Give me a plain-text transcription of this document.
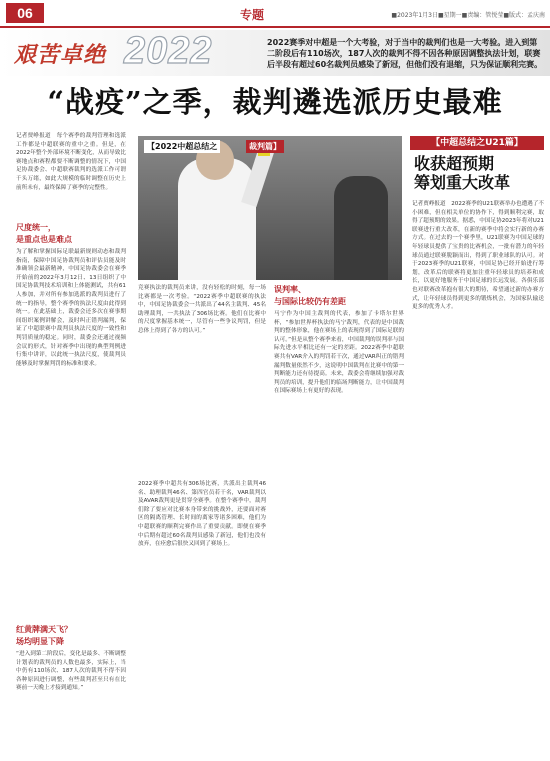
06	专题	■2023年1月3日■星期一■责编：管悦莹■版式：孟庆南
艰苦卓绝 2022	2022赛季对中超是一个大考验，对于当中的裁判们也是一大考验。进入到第二阶段后有110场次，187人次的裁判不得不因各种原因调整执法计划，联赛后半段有超过60名裁判员感染了新冠，但他们没有退缩，只为保证顺利完赛。
“战疫”之季，裁判遴选派历史最难
记者贾峥报道　每个赛季的裁判管理和选派工作都是中超联赛的重中之重。但是，在2022年整个外部环境不断变化，从而导致比赛地点和赛程都要不断调整的情况下，中国足协裁委会、中超联赛裁判的选派工作可谓千头万绪，如此大规模的临时调整在历史上前所未有，最终保障了赛季的完整性。
尺度统一，
是重点也是难点
为了解和掌握国际足联最新规则动态和裁判指南，保障中国足协裁判员和评估员能及时准确领会最新精神，中国足协裁委会在赛季开始前的2022年3月12日、13日组织了中国足协裁判技术培训和上体能测试，共有61人参加，并对所有参加选派的裁判员进行了统一的指导，整个赛季的执法尺度由此得到统一。在此基础上，裁委会还多次在赛事期间组织案例讲解会，及时纠正错判漏判，保证了中超联赛中裁判员执法尺度的一致性和判罚质量的稳定。同时，裁委会还通过视频会议的形式，针对赛季中出现的典型判例进行集中讲评，以此统一执法尺度，使裁判员能够及时掌握判罚的标准和要求。
红黄牌满天飞？
场均明显下降
“进入到第二阶段后，变化是最多、不断调整计划表的裁判员的人数也最多，实际上，当中仍有110场次、187人次的裁判不得不因各种原因进行调整，有些裁判甚至只有在比赛前一天晚上才接到通知。”
【2022中超总结之	裁判篇】
竞赛执法的裁判员来讲，没有轻松的时刻，每一场比赛都是一次考验。“2022赛季中超联赛的执法中，中国足协裁委会一共派出了44名主裁判、45名助理裁判，一共执法了306场比赛。他们在比赛中的尺度掌握基本统一，尽管有一些争议判罚，但是总体上得到了各方的认可。”
2022赛季中超共有306场比赛，共派出主裁判46名、助理裁判46名、第四官员若干名，VAR裁判以及AVAR裁判更是贯穿全赛季。在整个赛季中，裁判们除了要应对比赛本身带来的挑战外，还要面对赛区的隔离管理、长时间的离家等诸多困难，他们为中超联赛的顺利完赛作出了重要贡献。即便在赛季中后期有超过60名裁判员感染了新冠，他们也没有放弃，在痊愈后很快又回到了赛场上。
误判率、
与国际比较仍有差距
马宁作为中国主裁判的代表，参加了卡塔尔世界杯，“参加世界杯执法的马宁裁判，代表的是中国裁判的整体形象，他在赛场上的表现得到了国际足联的认可。”但是从整个赛季来看，中国裁判的误判率与国际先进水平相比还有一定的差距。2022赛季中超联赛共有VAR介入的判罚若干次，通过VAR纠正的错判漏判数量依然不少，这说明中国裁判在比赛中的第一判断能力还有待提高。未来，裁委会将继续加强对裁判员的培训，提升他们的临场判断能力，让中国裁判在国际赛场上有更好的表现。
【中超总结之U21篇】
收获超预期
筹划重大改革
记者贾峥报道　2022赛季的U21联赛举办也遭遇了不小困难，但在相关单位的协作下，得到顺利完赛，取得了超预期的效果。据悉，中国足协2023年将对U21联赛进行重大改革，在新的赛季中将会实行新的办赛方式。在过去的一个赛季里，U21联赛为中国足球的年轻球员提供了宝贵的比赛机会，一批有潜力的年轻球员通过联赛脱颖而出，得到了职业球队的认可。对于2023赛季的U21联赛，中国足协已经开始进行筹划，改革后的联赛将更加注重年轻球员的培养和成长，以更好地服务于中国足球的长远发展。各俱乐部也对联赛改革抱有很大的期待，希望通过新的办赛方式，让年轻球员得到更多的锻炼机会，为国家队输送更多的优秀人才。
